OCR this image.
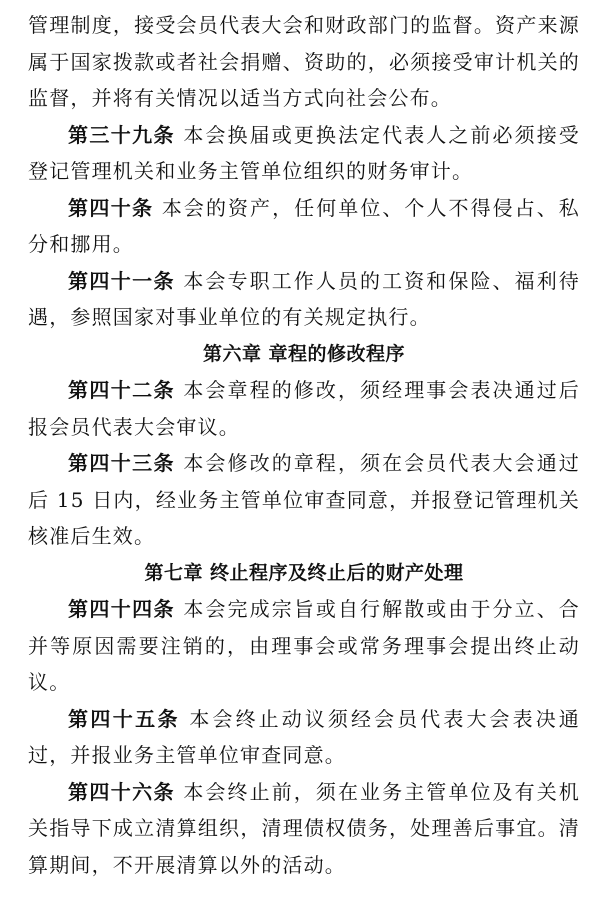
管理制度，接受会员代表大会和财政部门的监督。资产来源属于国家拨款或者社会捐赠、资助的，必须接受审计机关的监督，并将有关情况以适当方式向社会公布。

第三十九条 本会换届或更换法定代表人之前必须接受登记管理机关和业务主管单位组织的财务审计。

第四十条 本会的资产，任何单位、个人不得侵占、私分和挪用。

第四十一条 本会专职工作人员的工资和保险、福利待遇，参照国家对事业单位的有关规定执行。

第六章 章程的修改程序

第四十二条 本会章程的修改，须经理事会表决通过后报会员代表大会审议。

第四十三条 本会修改的章程，须在会员代表大会通过后 15 日内，经业务主管单位审查同意，并报登记管理机关核准后生效。

第七章 终止程序及终止后的财产处理

第四十四条 本会完成宗旨或自行解散或由于分立、合并等原因需要注销的，由理事会或常务理事会提出终止动议。

第四十五条 本会终止动议须经会员代表大会表决通过，并报业务主管单位审查同意。

第四十六条 本会终止前，须在业务主管单位及有关机关指导下成立清算组织，清理债权债务，处理善后事宜。清算期间，不开展清算以外的活动。
